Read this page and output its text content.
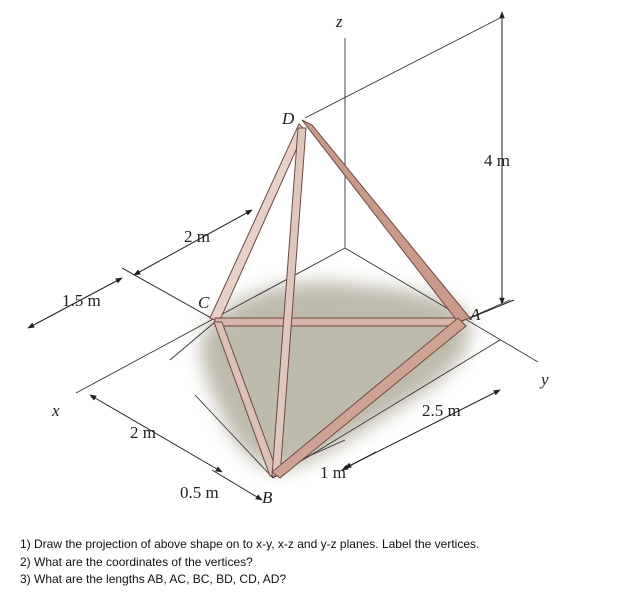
x
y
z
A
B
C
D
1.5 m
2 m
2 m
0.5 m
1 m
2.5 m
4 m
1) Draw the projection of above shape on to x-y, x-z and y-z planes. Label the vertices.
2) What are the coordinates of the vertices?
3) What are the lengths AB, AC, BC, BD, CD, AD?
